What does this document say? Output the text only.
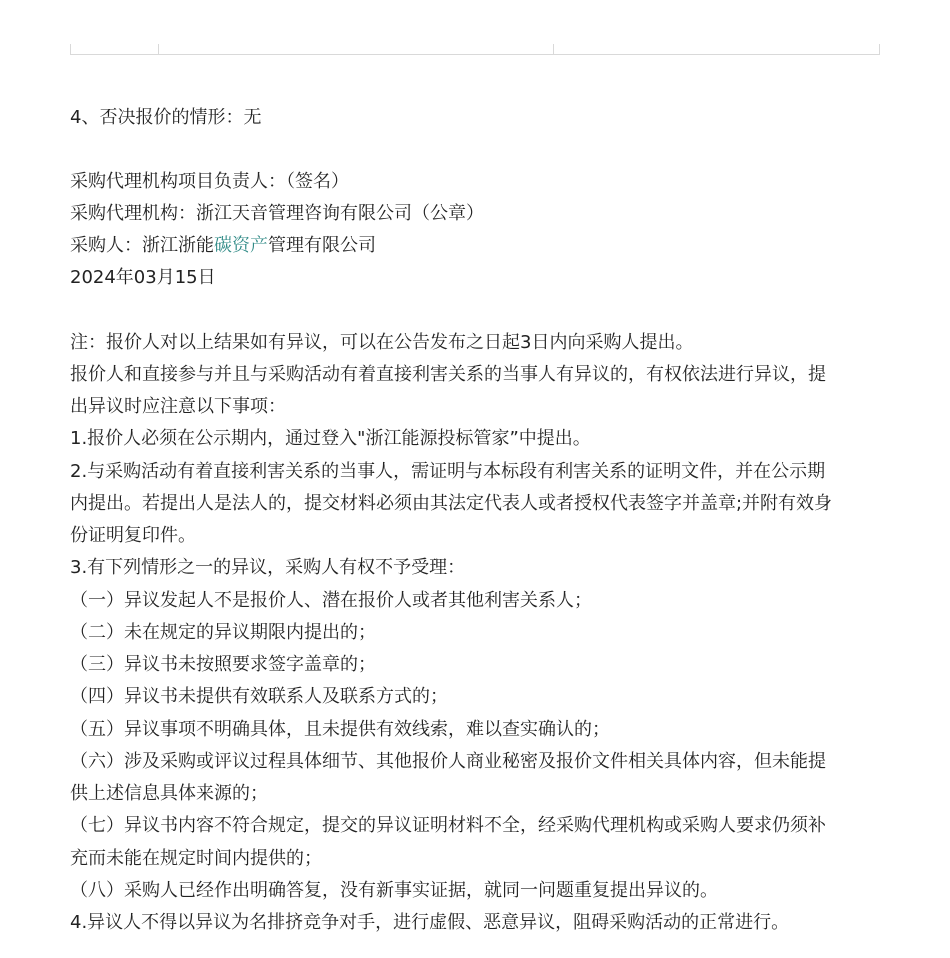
4、否决报价的情形：无
采购代理机构项目负责人：（签名）
采购代理机构：浙江天音管理咨询有限公司（公章）
采购人：浙江浙能碳资产管理有限公司
2024年03月15日
注：报价人对以上结果如有异议，可以在公告发布之日起3日内向采购人提出。
报价人和直接参与并且与采购活动有着直接利害关系的当事人有异议的，有权依法进行异议，提
出异议时应注意以下事项：
1.报价人必须在公示期内，通过登入"浙江能源投标管家”中提出。
2.与采购活动有着直接利害关系的当事人，需证明与本标段有利害关系的证明文件，并在公示期
内提出。若提出人是法人的，提交材料必须由其法定代表人或者授权代表签字并盖章;并附有效身
份证明复印件。
3.有下列情形之一的异议，采购人有权不予受理：
（一）异议发起人不是报价人、潜在报价人或者其他利害关系人；
（二）未在规定的异议期限内提出的；
（三）异议书未按照要求签字盖章的；
（四）异议书未提供有效联系人及联系方式的；
（五）异议事项不明确具体，且未提供有效线索，难以查实确认的；
（六）涉及采购或评议过程具体细节、其他报价人商业秘密及报价文件相关具体内容，但未能提
供上述信息具体来源的；
（七）异议书内容不符合规定，提交的异议证明材料不全，经采购代理机构或采购人要求仍须补
充而未能在规定时间内提供的；
（八）采购人已经作出明确答复，没有新事实证据，就同一问题重复提出异议的。
4.异议人不得以异议为名排挤竞争对手，进行虚假、恶意异议，阻碍采购活动的正常进行。
